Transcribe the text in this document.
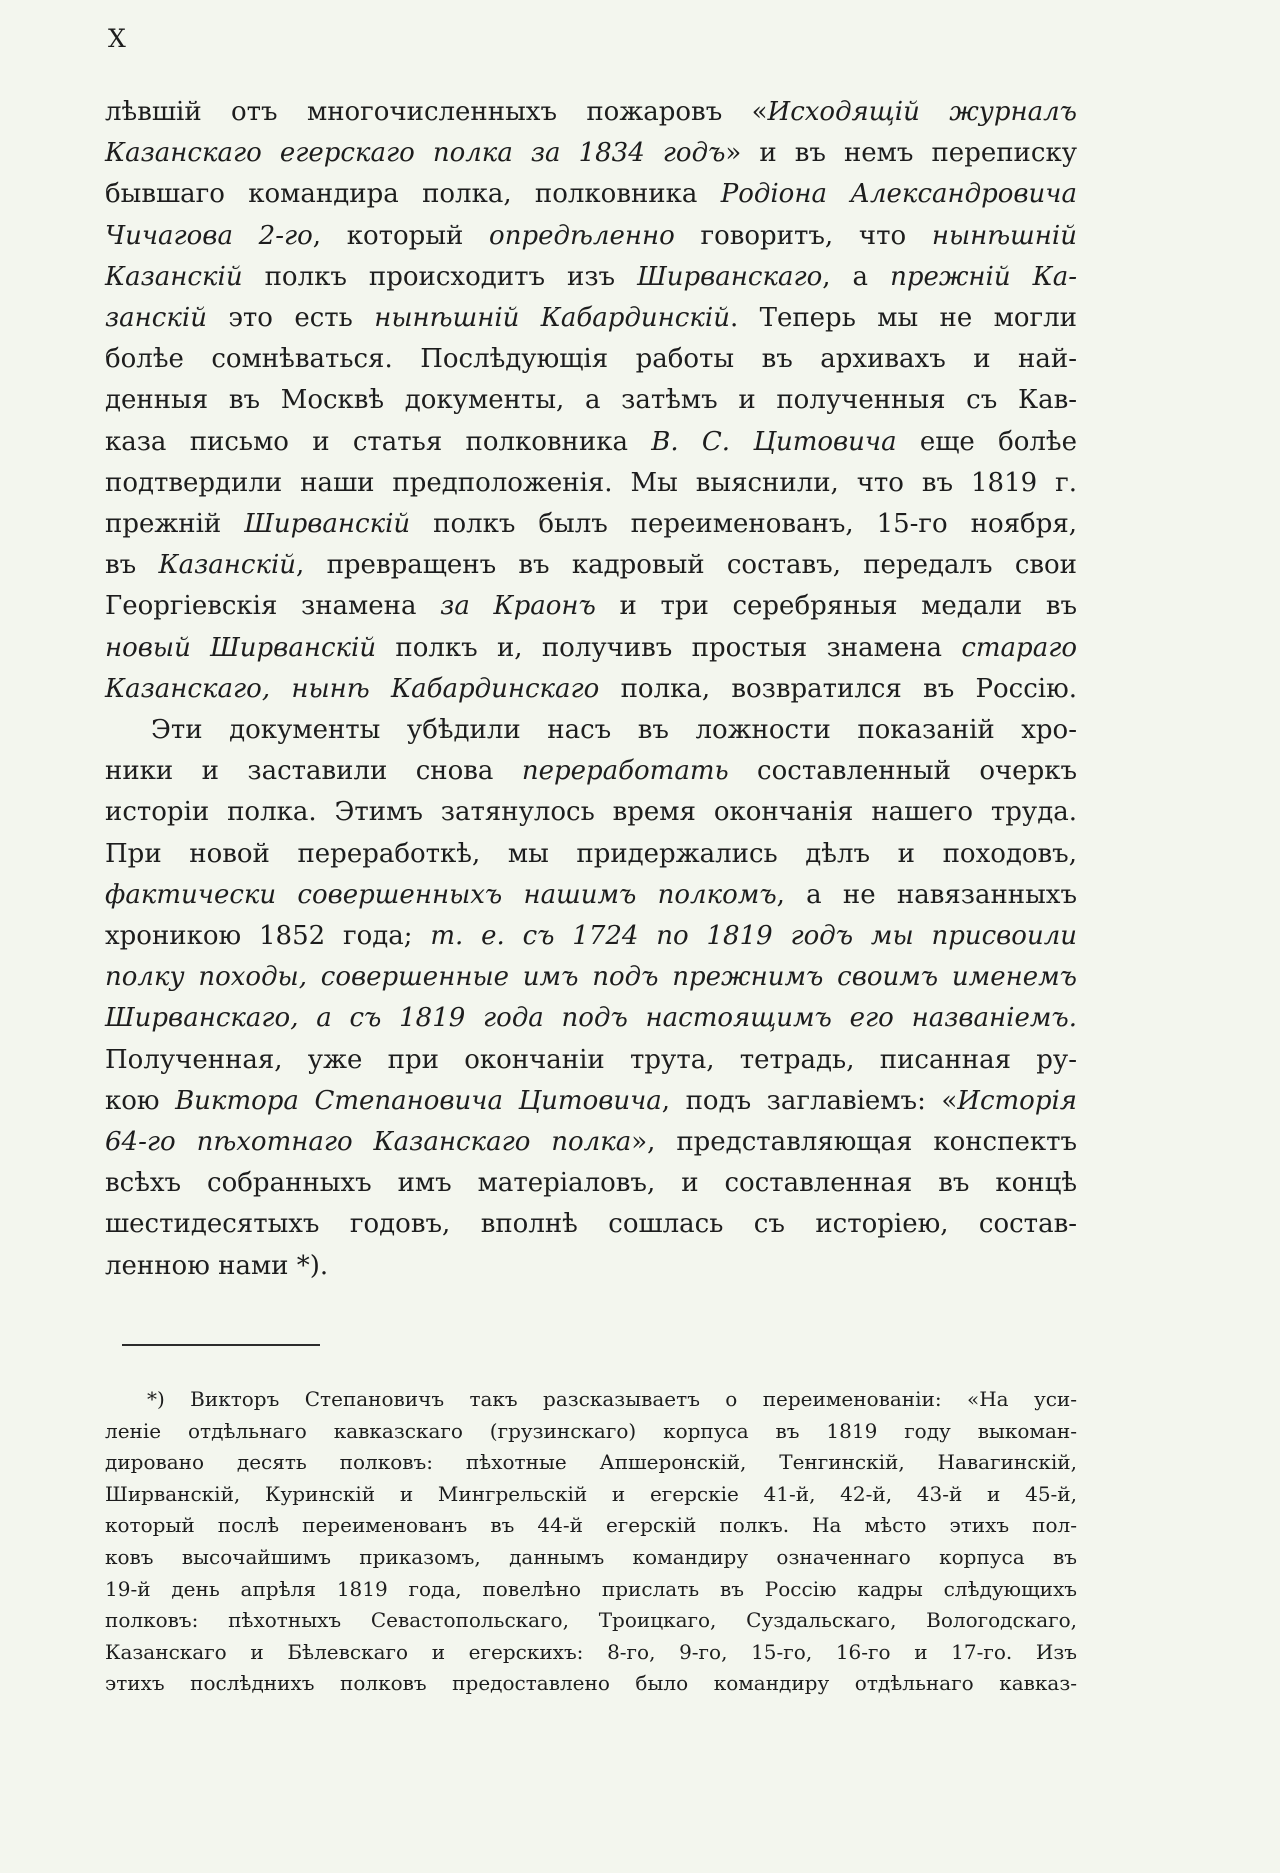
X
лѣвшій отъ многочисленныхъ пожаровъ «Исходящій журналъ
Казанскаго егерскаго полка за 1834 годъ» и въ немъ переписку
бывшаго командира полка, полковника Родіона Александровича
Чичагова 2-го, который опредѣленно говоритъ, что нынѣшній
Казанскій полкъ происходитъ изъ Ширванскаго, а прежній Ка-
занскій это есть нынѣшній Кабардинскій. Теперь мы не могли
болѣе сомнѣваться. Послѣдующія работы въ архивахъ и най-
денныя въ Москвѣ документы, а затѣмъ и полученныя съ Кав-
каза письмо и статья полковника В. С. Цитовича еще болѣе
подтвердили наши предположенія. Мы выяснили, что въ 1819 г.
прежній Ширванскій полкъ былъ переименованъ, 15-го ноября,
въ Казанскій, превращенъ въ кадровый составъ, передалъ свои
Георгіевскія знамена за Краонъ и три серебряныя медали въ
новый Ширванскій полкъ и, получивъ простыя знамена стараго
Казанскаго, нынѣ Кабардинскаго полка, возвратился въ Россію.
Эти документы убѣдили насъ въ ложности показаній хро-
ники и заставили снова переработать составленный очеркъ
исторіи полка. Этимъ затянулось время окончанія нашего труда.
При новой переработкѣ, мы придержались дѣлъ и походовъ,
фактически совершенныхъ нашимъ полкомъ, а не навязанныхъ
хроникою 1852 года; т. е. съ 1724 по 1819 годъ мы присвоили
полку походы, совершенные имъ подъ прежнимъ своимъ именемъ
Ширванскаго, а съ 1819 года подъ настоящимъ его названіемъ.
Полученная, уже при окончаніи трута, тетрадь, писанная ру-
кою Виктора Степановича Цитовича, подъ заглавіемъ: «Исторія
64-го пѣхотнаго Казанскаго полка», представляющая конспектъ
всѣхъ собранныхъ имъ матеріаловъ, и составленная въ концѣ
шестидесятыхъ годовъ, вполнѣ сошлась съ исторіею, состав-
ленною нами *).
*) Викторъ Степановичъ такъ разсказываетъ о переименованіи: «На уси-
леніе отдѣльнаго кавказскаго (грузинскаго) корпуса въ 1819 году выкоман-
дировано десять полковъ: пѣхотные Апшеронскій, Тенгинскій, Навагинскій,
Ширванскій, Куринскій и Мингрельскій и егерскіе 41-й, 42-й, 43-й и 45-й,
который послѣ переименованъ въ 44-й егерскій полкъ. На мѣсто этихъ пол-
ковъ высочайшимъ приказомъ, даннымъ командиру означеннаго корпуса въ
19-й день апрѣля 1819 года, повелѣно прислать въ Россію кадры слѣдующихъ
полковъ: пѣхотныхъ Севастопольскаго, Троицкаго, Суздальскаго, Вологодскаго,
Казанскаго и Бѣлевскаго и егерскихъ: 8-го, 9-го, 15-го, 16-го и 17-го. Изъ
этихъ послѣднихъ полковъ предоставлено было командиру отдѣльнаго кавказ-
